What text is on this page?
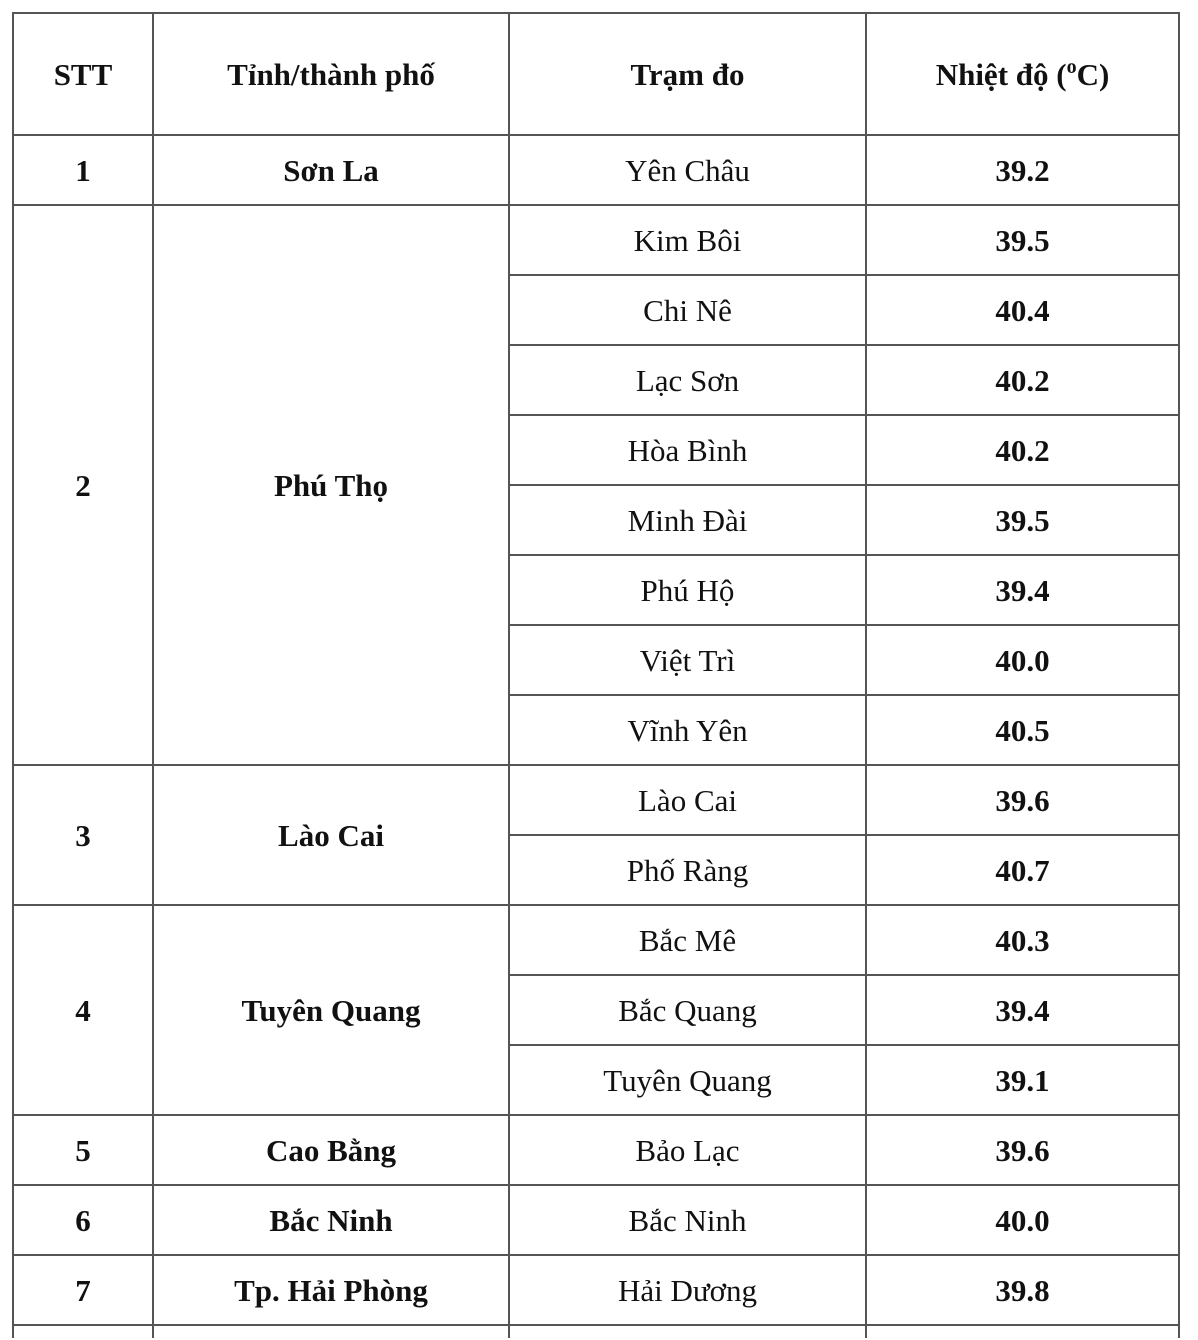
STT	Tỉnh/thành phố	Trạm đo	Nhiệt độ ($^o$C)
1	Sơn La	Yên Châu	39.2
2	Phú Thọ	Kim Bôi	39.5
		Chi Nê	40.4
		Lạc Sơn	40.2
		Hòa Bình	40.2
		Minh Đài	39.5
		Phú Hộ	39.4
		Việt Trì	40.0
		Vĩnh Yên	40.5
3	Lào Cai	Lào Cai	39.6
		Phố Ràng	40.7
4	Tuyên Quang	Bắc Mê	40.3
		Bắc Quang	39.4
		Tuyên Quang	39.1
5	Cao Bằng	Bảo Lạc	39.6
6	Bắc Ninh	Bắc Ninh	40.0
7	Tp. Hải Phòng	Hải Dương	39.8
